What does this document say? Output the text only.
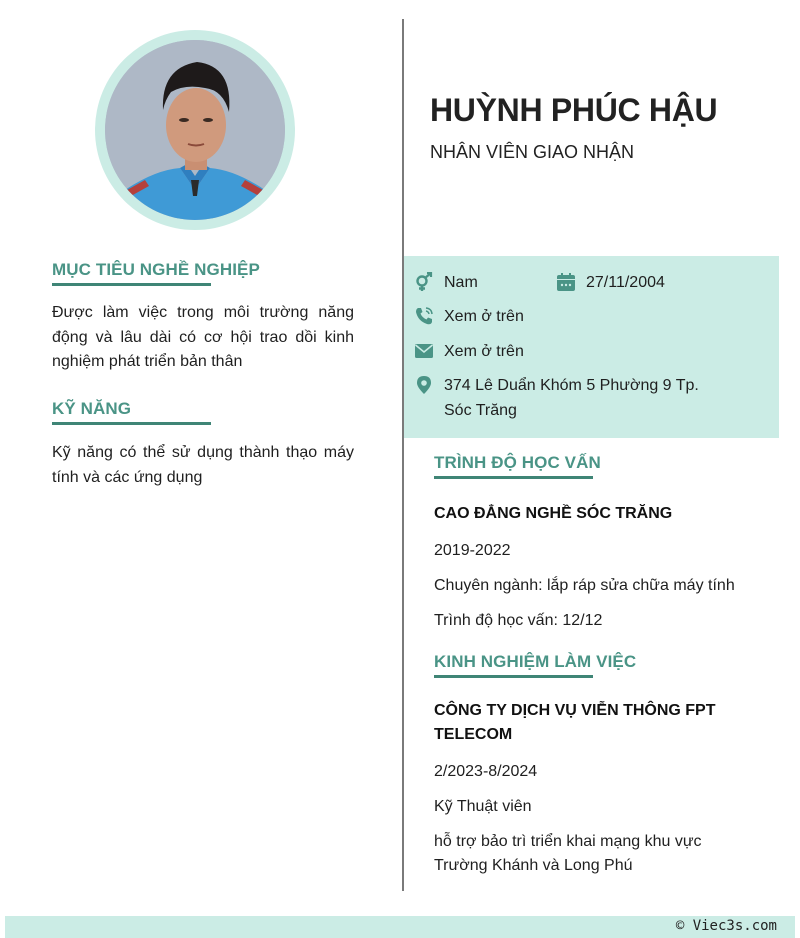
MỤC TIÊU NGHỀ NGHIỆP
Được làm việc trong môi trường năng động và lâu dài có cơ hội trao dồi kinh nghiệm phát triển bản thân
KỸ NĂNG
Kỹ năng có thể sử dụng thành thạo máy tính và các ứng dụng
HUỲNH PHÚC HẬU
NHÂN VIÊN GIAO NHẬN
Nam	27/11/2004
Xem ở trên
Xem ở trên
374 Lê Duẩn Khóm 5 Phường 9 Tp.
Sóc Trăng
TRÌNH ĐỘ HỌC VẤN
CAO ĐẲNG NGHỀ SÓC TRĂNG
2019-2022
Chuyên ngành: lắp ráp sửa chữa máy tính
Trình độ học vấn: 12/12
KINH NGHIỆM LÀM VIỆC
CÔNG TY DỊCH VỤ VIỄN THÔNG FPT
TELECOM
2/2023-8/2024
Kỹ Thuật viên
hỗ trợ bảo trì triển khai mạng khu vực
Trường Khánh và Long Phú
© Viec3s.com
